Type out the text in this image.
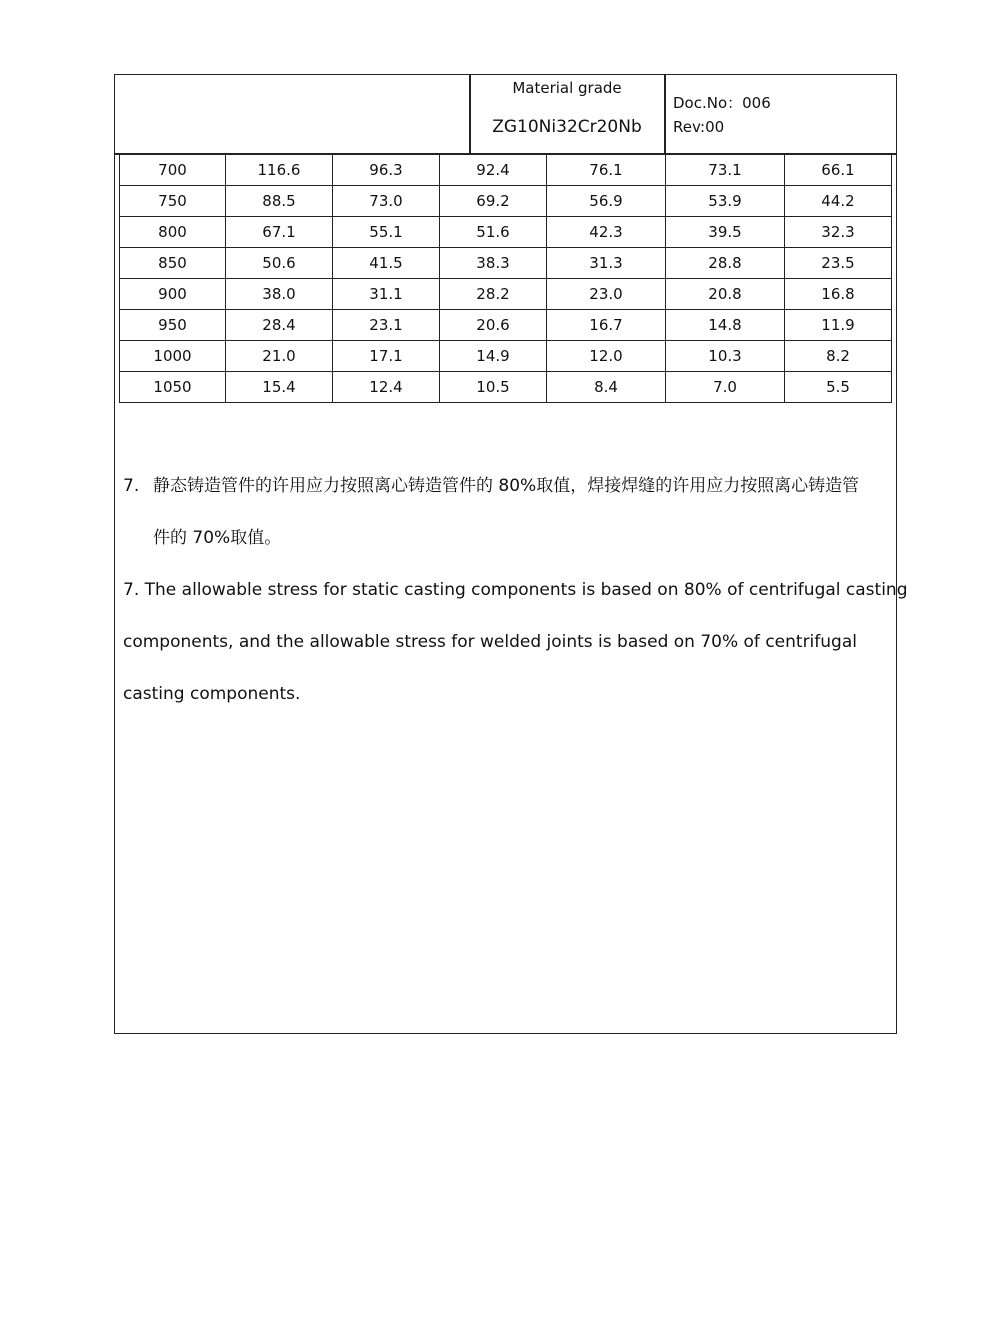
Material grade
ZG10Ni32Cr20Nb
Doc.No：006
Rev:00
700	116.6	96.3	92.4	76.1	73.1	66.1
750	88.5	73.0	69.2	56.9	53.9	44.2
800	67.1	55.1	51.6	42.3	39.5	32.3
850	50.6	41.5	38.3	31.3	28.8	23.5
900	38.0	31.1	28.2	23.0	20.8	16.8
950	28.4	23.1	20.6	16.7	14.8	11.9
1000	21.0	17.1	14.9	12.0	10.3	8.2
1050	15.4	12.4	10.5	8.4	7.0	5.5
7. 静态铸造管件的许用应力按照离心铸造管件的 80%取值，焊接焊缝的许用应力按照离心铸造管
件的 70%取值。
7. The allowable stress for static casting components is based on 80% of centrifugal casting
components, and the allowable stress for welded joints is based on 70% of centrifugal
casting components.
